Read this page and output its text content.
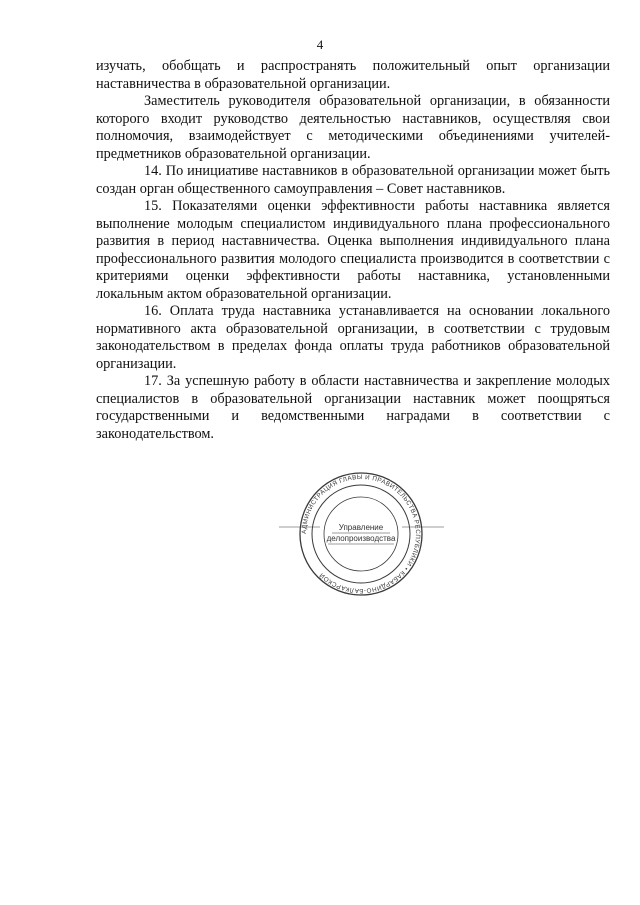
4

изучать, обобщать и распространять положительный опыт организации наставничества в образовательной организации.

Заместитель руководителя образовательной организации, в обязанности которого входит руководство деятельностью наставников, осуществляя свои полномочия, взаимодействует с методическими объединениями учителей-предметников образовательной организации.

14. По инициативе наставников в образовательной организации может быть создан орган общественного самоуправления – Совет наставников.

15. Показателями оценки эффективности работы наставника является выполнение молодым специалистом индивидуального плана профессионального развития в период наставничества. Оценка выполнения индивидуального плана профессионального развития молодого специалиста производится в соответствии с критериями оценки эффективности работы наставника, установленными локальным актом образовательной организации.

16. Оплата труда наставника устанавливается на основании локального нормативного акта образовательной организации, в соответствии с трудовым законодательством в пределах фонда оплаты труда работников образовательной организации.

17. За успешную работу в области наставничества и закрепление молодых специалистов в образовательной организации наставник может поощряться государственными и ведомственными наградами в соответствии с законодательством.

АДМИНИСТРАЦИЯ ГЛАВЫ И ПРАВИТЕЛЬСТВА РЕСПУБЛИКИ • КАБАРДИНО-БАЛКАРСКОЙ
Управление
делопроизводства
